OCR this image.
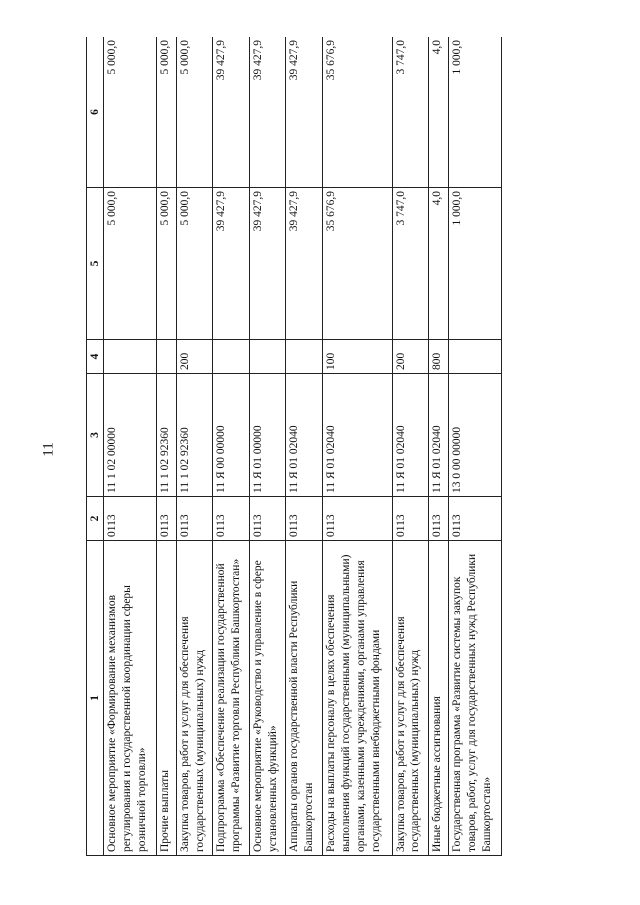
11
1	2	3	4	5	6
Основное мероприятие «Формирование механизмов регулирования и государственной координации сферы розничной торговли»	0113	11 1 02 00000		5 000,0	5 000,0
Прочие выплаты	0113	11 1 02 92360		5 000,0	5 000,0
Закупка товаров, работ и услуг для обеспечения государственных (муниципальных) нужд	0113	11 1 02 92360	200	5 000,0	5 000,0
Подпрограмма «Обеспечение реализации государственной программы «Развитие торговли Республики Башкортостан»	0113	11 Я 00 00000		39 427,9	39 427,9
Основное мероприятие «Руководство и управление в сфере установленных функций»	0113	11 Я 01 00000		39 427,9	39 427,9
Аппараты органов государственной власти Республики Башкортостан	0113	11 Я 01 02040		39 427,9	39 427,9
Расходы на выплаты персоналу в целях обеспечения выполнения функций государственными (муниципальными) органами, казенными учреждениями, органами управления государственными внебюджетными фондами	0113	11 Я 01 02040	100	35 676,9	35 676,9
Закупка товаров, работ и услуг для обеспечения государственных (муниципальных) нужд	0113	11 Я 01 02040	200	3 747,0	3 747,0
Иные бюджетные ассигнования	0113	11 Я 01 02040	800	4,0	4,0
Государственная программа «Развитие системы закупок товаров, работ, услуг для государственных нужд Республики Башкортостан»	0113	13 0 00 00000		1 000,0	1 000,0
